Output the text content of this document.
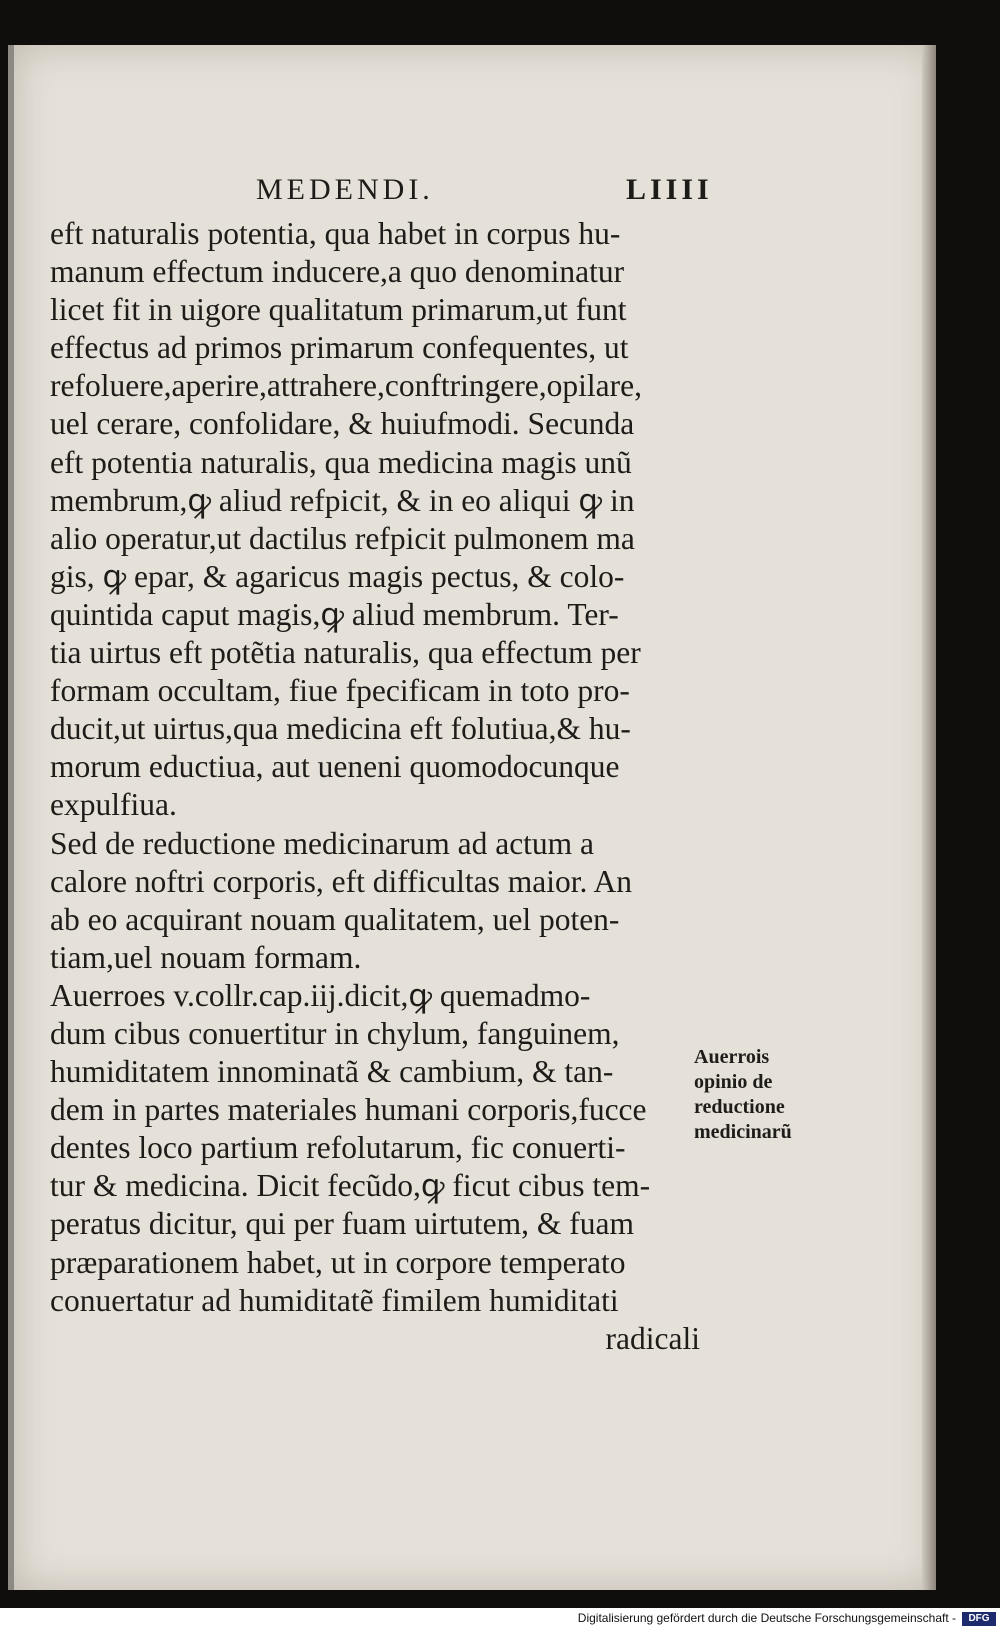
MEDENDI.	LIIII
eft naturalis potentia, qua habet in corpus hu-
manum effectum inducere,a quo denominatur
licet fit in uigore qualitatum primarum,ut funt
effectus ad primos primarum confequentes, ut
refoluere,aperire,attrahere,conftringere,opilare,
uel cerare, confolidare, & huiufmodi. Secunda
eft potentia naturalis, qua medicina magis unũ
membrum,ꝙ aliud refpicit, & in eo aliqui ꝙ in
alio operatur,ut dactilus refpicit pulmonem ma
gis, ꝙ epar, & agaricus magis pectus, & colo-
quintida caput magis,ꝙ aliud membrum. Ter-
tia uirtus eft potẽtia naturalis, qua effectum per
formam occultam, fiue fpecificam in toto pro-
ducit,ut uirtus,qua medicina eft folutiua,& hu-
morum eductiua, aut ueneni quomodocunque
expulfiua.
Sed de reductione medicinarum ad actum a
calore noftri corporis, eft difficultas maior. An
ab eo acquirant nouam qualitatem, uel poten-
tiam,uel nouam formam.
Auerroes v.collr.cap.iij.dicit,ꝙ quemadmo-
dum cibus conuertitur in chylum, fanguinem,
humiditatem innominatã & cambium, & tan-
dem in partes materiales humani corporis,fucce
dentes loco partium refolutarum, fic conuerti-
tur & medicina. Dicit fecũdo,ꝙ ficut cibus tem-
peratus dicitur, qui per fuam uirtutem, & fuam
præparationem habet, ut in corpore temperato
conuertatur ad humiditatẽ fimilem humiditati
radicali
Auerrois
opinio de
reductione
medicinarũ
Digitalisierung gefördert durch die Deutsche Forschungsgemeinschaft -	DFG
